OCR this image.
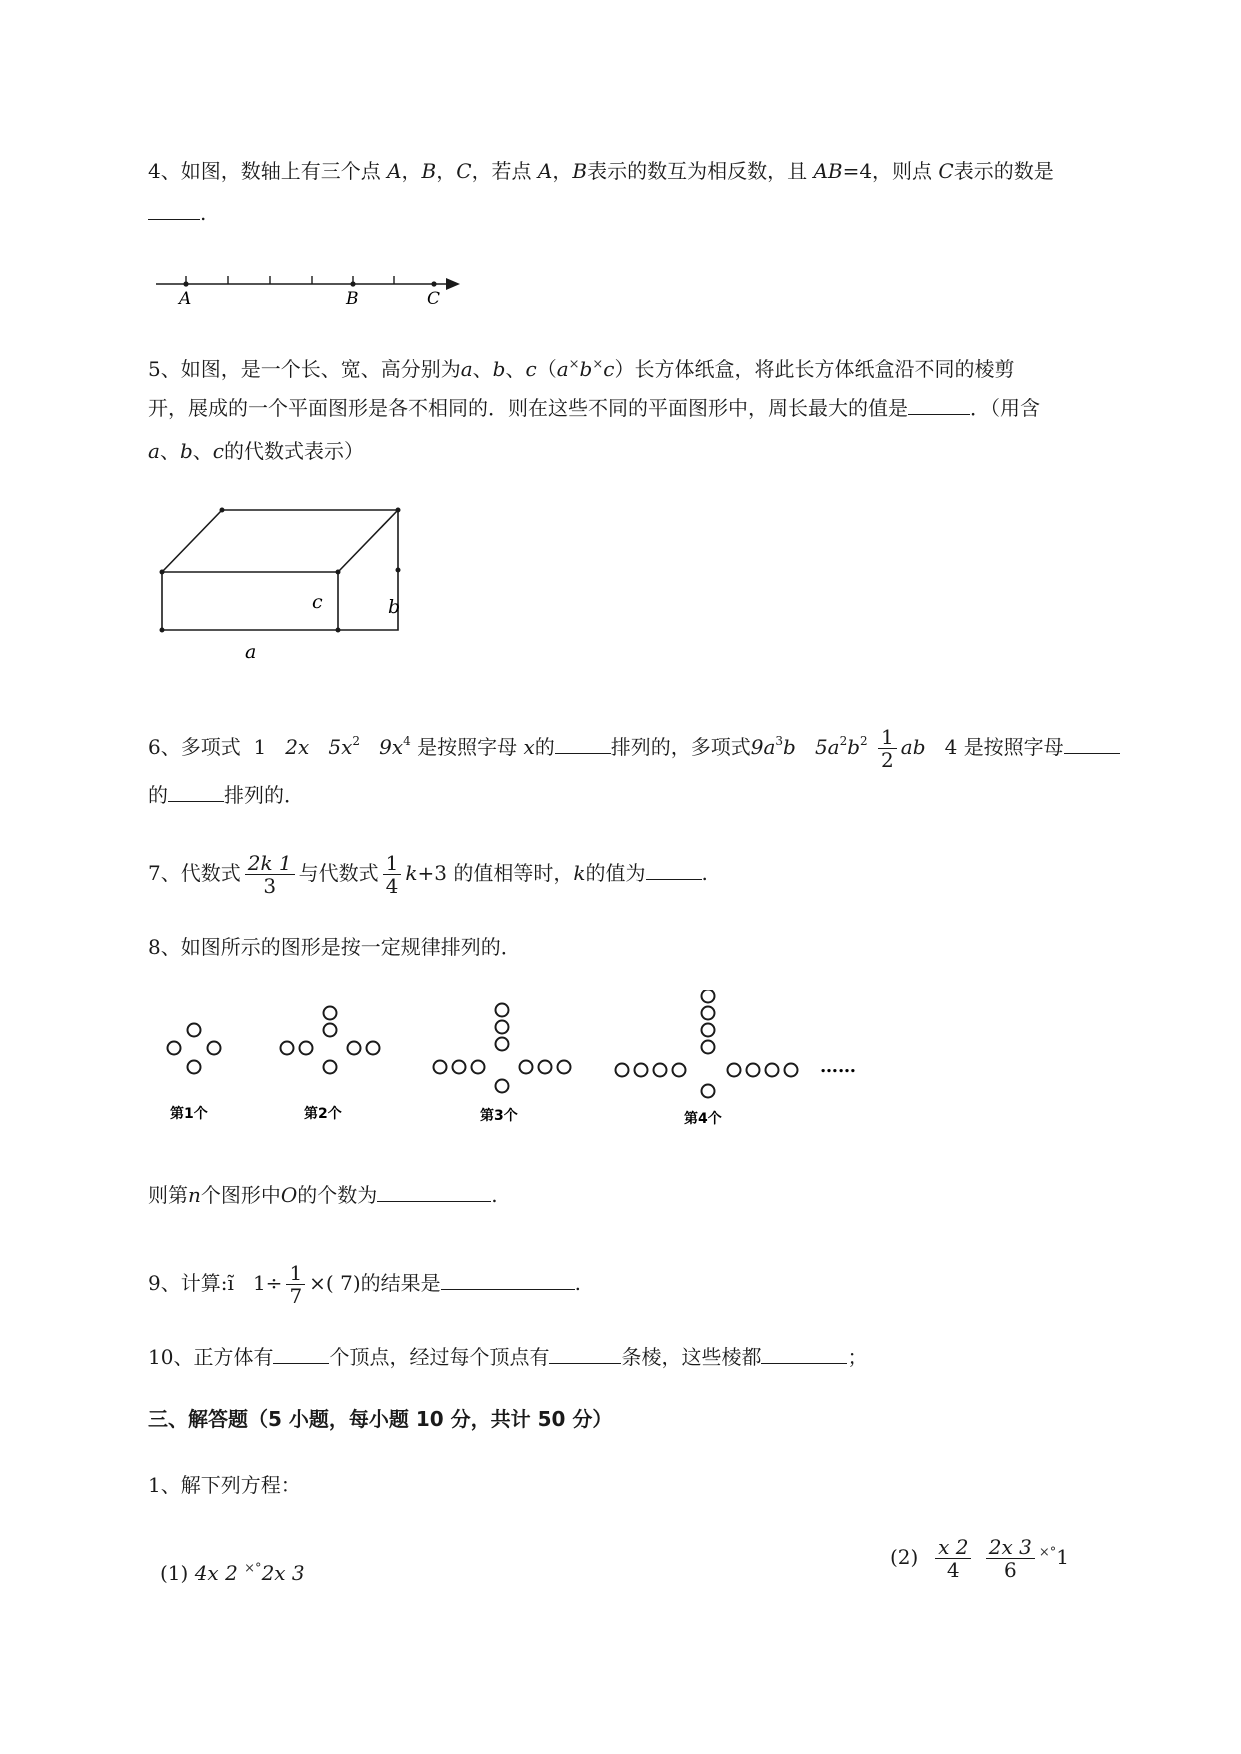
4、如图，数轴上有三个点 A，B，C，若点 A，B表示的数互为相反数，且 AB=4，则点 C表示的数是
.
A	B	C
5、如图，是一个长、宽、高分别为a、b、c（a×b×c）长方体纸盒，将此长方体纸盒沿不同的棱剪
开，展成的一个平面图形是各不相同的．则在这些不同的平面图形中，周长最大的值是	．（用含
a、b、c的代数式表示）
c	b
a
6、多项式 1 2x $5x^2$ $9x^4$ 是按照字母 x的	排列的，多项式$9a^3b$ $5a^2b^2 \frac{1}{2}$ ab 4 是按照字母
的	排列的．
7、代数式 $\frac{2k 1}{3}$ 与代数式 $\frac{1}{4} k+3$ 的值相等时，k的值为	.
8、如图所示的图形是按一定规律排列的．
……
第1个	第2个	第3个	第4个
则第n个图形中O的个数为	.
9、计算:ĩ $1\div \frac{1}{7}$ ×( 7)的结果是	.
10、正方体有	个顶点，经过每个顶点有	条棱，这些棱都	；
三、解答题（5 小题，每小题 10 分，共计 50 分）
1、解下列方程：
(1) 4x 2 ×°2x 3
$(2) \frac{x 2}{4}$
$\frac{2x 3}{6} ^{\times^\circ}1$
